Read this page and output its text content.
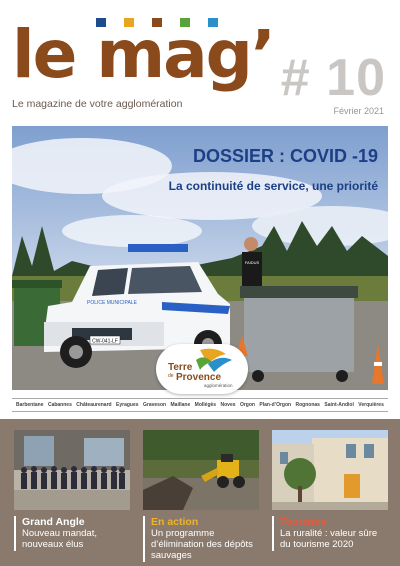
le mag’
Le magazine de votre agglomération # 10
Février 2021
CW-041-LF
POLICE MUNICIPALE
FAIDUS
DOSSIER : COVID -19
La continuité de service, une priorité
Terre
de Provence
agglomération
Barbentane Cabannes Châteaurenard Eyragues Graveson Maillane Mollégès Noves Orgon Plan-d’Orgon Rognonas Saint-Andiol Verquières
Grand Angle
Nouveau mandat, nouveaux élus
En action
Un programme d’élimination des dépôts sauvages
Tourisme
La ruralité : valeur sûre du tourisme 2020
